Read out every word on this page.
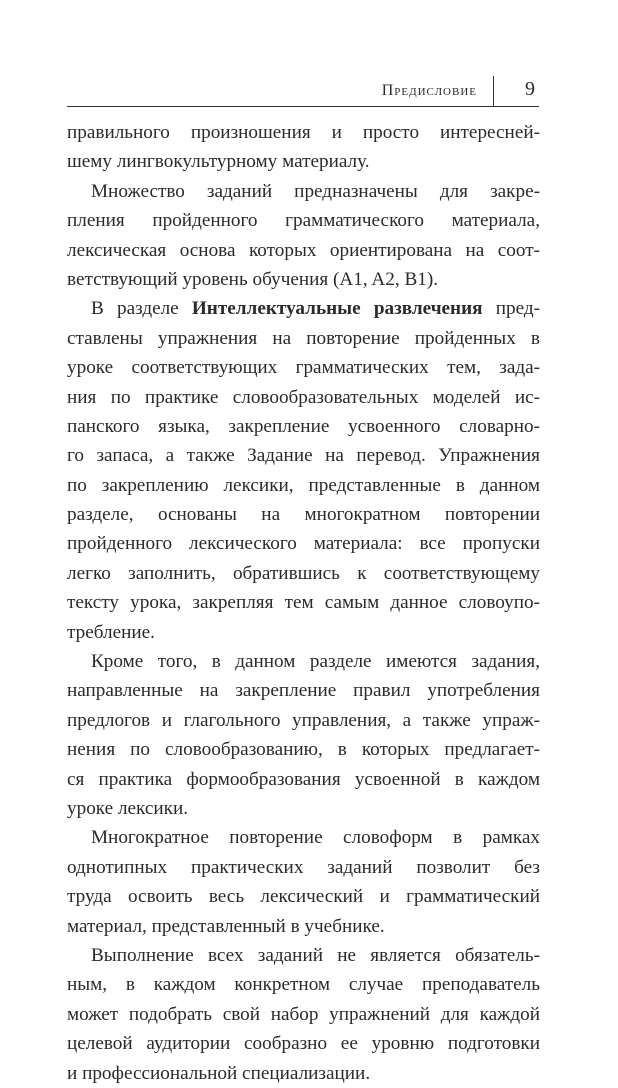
Предисловие 9
правильного произношения и просто интересней-
шему лингвокультурному материалу.
Множество заданий предназначены для закре-
пления пройденного грамматического материала,
лексическая основа которых ориентирована на соот-
ветствующий уровень обучения (A1, A2, B1).
В разделе Интеллектуальные развлечения пред-
ставлены упражнения на повторение пройденных в
уроке соответствующих грамматических тем, зада-
ния по практике словообразовательных моделей ис-
панского языка, закрепление усвоенного словарно-
го запаса, а также Задание на перевод. Упражнения
по закреплению лексики, представленные в данном
разделе, основаны на многократном повторении
пройденного лексического материала: все пропуски
легко заполнить, обратившись к соответствующему
тексту урока, закрепляя тем самым данное словоупо-
требление.
Кроме того, в данном разделе имеются задания,
направленные на закрепление правил употребления
предлогов и глагольного управления, а также упраж-
нения по словообразованию, в которых предлагает-
ся практика формообразования усвоенной в каждом
уроке лексики.
Многократное повторение словоформ в рамках
однотипных практических заданий позволит без
труда освоить весь лексический и грамматический
материал, представленный в учебнике.
Выполнение всех заданий не является обязатель-
ным, в каждом конкретном случае преподаватель
может подобрать свой набор упражнений для каждой
целевой аудитории сообразно ее уровню подготовки
и профессиональной специализации.
